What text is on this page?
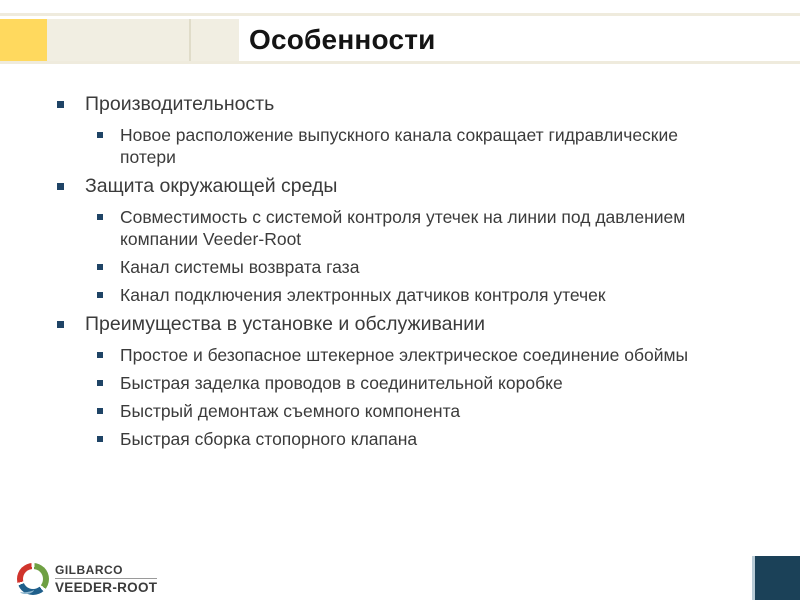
Особенности
Производительность
Новое расположение выпускного канала сокращает гидравлические потери
Защита окружающей среды
Совместимость с системой контроля утечек на линии под давлением компании Veeder-Root
Канал системы возврата газа
Канал подключения электронных датчиков контроля утечек
Преимущества в установке и обслуживании
Простое и безопасное штекерное электрическое соединение обоймы
Быстрая заделка проводов в соединительной коробке
Быстрый демонтаж съемного компонента
Быстрая сборка стопорного клапана
GILBARCO
VEEDER-ROOT
